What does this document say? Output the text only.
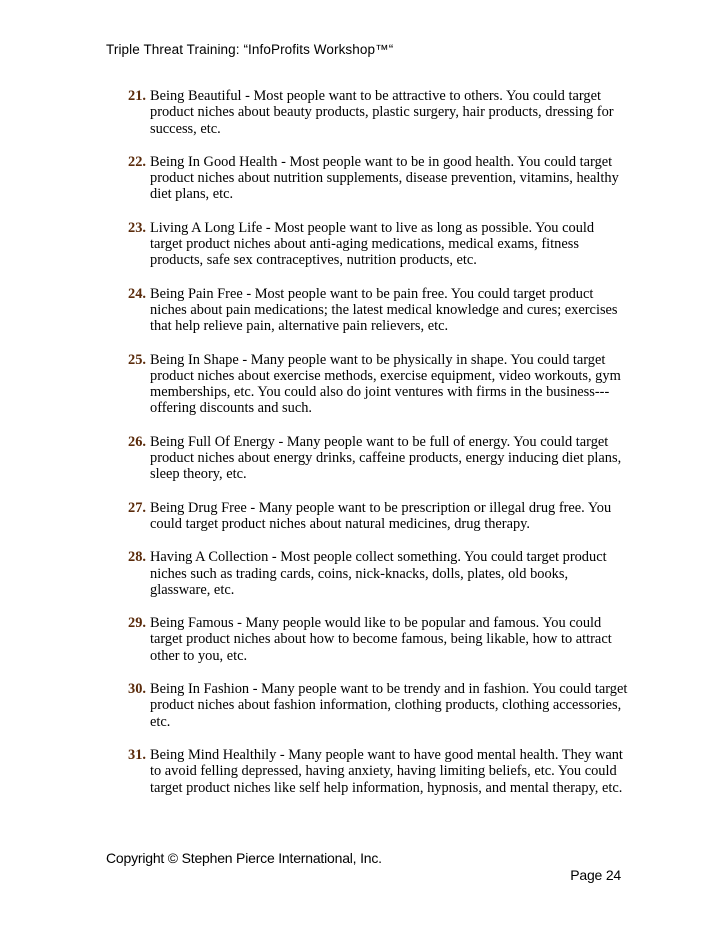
Triple Threat Training: “InfoProfits Workshop™“
21. Being Beautiful - Most people want to be attractive to others. You could target product niches about beauty products, plastic surgery, hair products, dressing for success, etc.
22. Being In Good Health - Most people want to be in good health. You could target product niches about nutrition supplements, disease prevention, vitamins, healthy diet plans, etc.
23. Living A Long Life - Most people want to live as long as possible. You could target product niches about anti-aging medications, medical exams, fitness products, safe sex contraceptives, nutrition products, etc.
24. Being Pain Free - Most people want to be pain free. You could target product niches about pain medications; the latest medical knowledge and cures; exercises that help relieve pain, alternative pain relievers, etc.
25. Being In Shape - Many people want to be physically in shape. You could target product niches about exercise methods, exercise equipment, video workouts, gym memberships, etc. You could also do joint ventures with firms in the business---offering discounts and such.
26. Being Full Of Energy - Many people want to be full of energy. You could target product niches about energy drinks, caffeine products, energy inducing diet plans, sleep theory, etc.
27. Being Drug Free - Many people want to be prescription or illegal drug free. You could target product niches about natural medicines, drug therapy.
28. Having A Collection - Most people collect something. You could target product niches such as trading cards, coins, nick-knacks, dolls, plates, old books, glassware, etc.
29. Being Famous - Many people would like to be popular and famous. You could target product niches about how to become famous, being likable, how to attract other to you, etc.
30. Being In Fashion - Many people want to be trendy and in fashion. You could target product niches about fashion information, clothing products, clothing accessories, etc.
31. Being Mind Healthily - Many people want to have good mental health. They want to avoid felling depressed, having anxiety, having limiting beliefs, etc. You could target product niches like self help information, hypnosis, and mental therapy, etc.
Copyright © Stephen Pierce International, Inc.
Page 24
